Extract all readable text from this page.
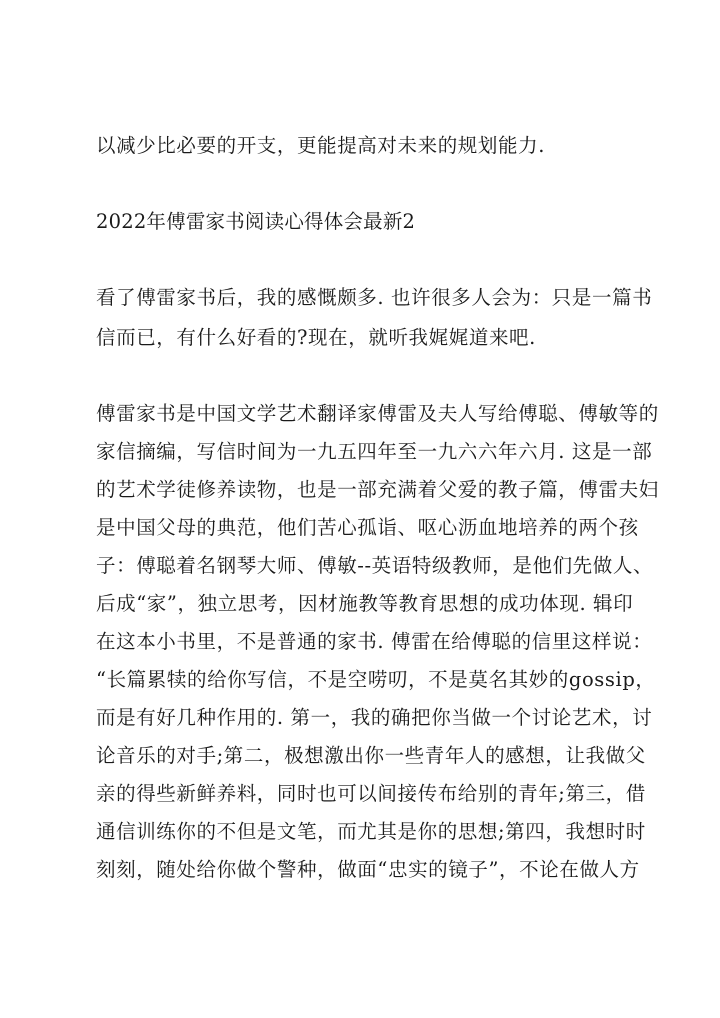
以减少比必要的开支，更能提高对未来的规划能力.
2022年傅雷家书阅读心得体会最新2
看了傅雷家书后，我的感慨颇多. 也许很多人会为：只是一篇书
信而已，有什么好看的?现在，就听我娓娓道来吧.
傅雷家书是中国文学艺术翻译家傅雷及夫人写给傅聪、傅敏等的
家信摘编，写信时间为一九五四年至一九六六年六月. 这是一部
的艺术学徒修养读物，也是一部充满着父爱的教子篇，傅雷夫妇
是中国父母的典范，他们苦心孤诣、呕心沥血地培养的两个孩
子：傅聪着名钢琴大师、傅敏--英语特级教师，是他们先做人、
后成“家”，独立思考，因材施教等教育思想的成功体现. 辑印
在这本小书里，不是普通的家书. 傅雷在给傅聪的信里这样说：
“长篇累犊的给你写信，不是空唠叨，不是莫名其妙的gossip，
而是有好几种作用的. 第一，我的确把你当做一个讨论艺术，讨
论音乐的对手;第二，极想激出你一些青年人的感想，让我做父
亲的得些新鲜养料，同时也可以间接传布给别的青年;第三，借
通信训练你的不但是文笔，而尤其是你的思想;第四，我想时时
刻刻，随处给你做个警种，做面“忠实的镜子”，不论在做人方
